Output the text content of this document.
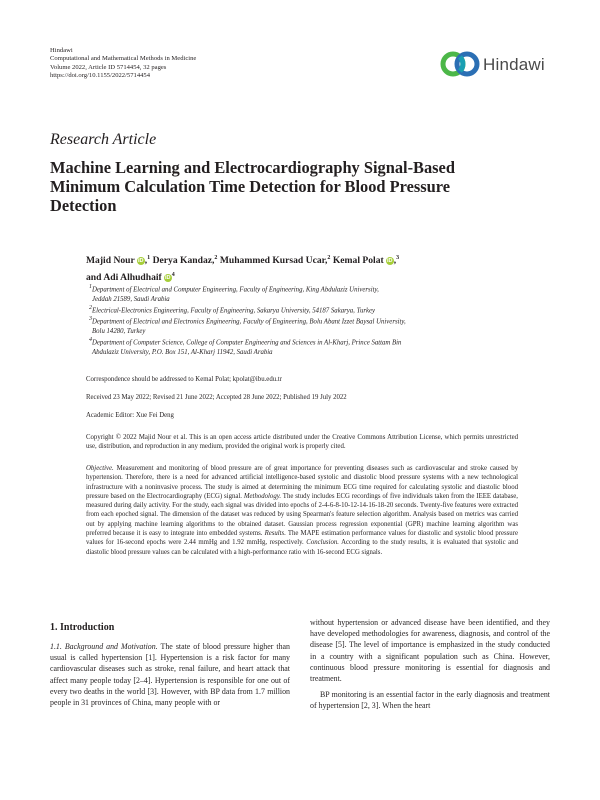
Hindawi
Computational and Mathematical Methods in Medicine
Volume 2022, Article ID 5714454, 32 pages
https://doi.org/10.1155/2022/5714454
Hindawi
Research Article
Machine Learning and Electrocardiography Signal-Based Minimum Calculation Time Detection for Blood Pressure Detection
Majid Nour iD,$^1$ Derya Kandaz,$^2$ Muhammed Kursad Ucar,$^2$ Kemal Polat iD,$^3$
and Adi Alhudhaif $iD^4$
$^1$Department of Electrical and Computer Engineering, Faculty of Engineering, King Abdulaziz University,
Jeddah 21589, Saudi Arabia
$^2$Electrical-Electronics Engineering, Faculty of Engineering, Sakarya University, 54187 Sakarya, Turkey
$^3$Department of Electrical and Electronics Engineering, Faculty of Engineering, Bolu Abant Izzet Baysal University,
Bolu 14280, Turkey
$^4$Department of Computer Science, College of Computer Engineering and Sciences in Al-Kharj, Prince Sattam Bin
Abdulaziz University, P.O. Box 151, Al-Kharj 11942, Saudi Arabia
Correspondence should be addressed to Kemal Polat; kpolat@ibu.edu.tr
Received 23 May 2022; Revised 21 June 2022; Accepted 28 June 2022; Published 19 July 2022
Academic Editor: Xue Fei Deng
Copyright © 2022 Majid Nour et al. This is an open access article distributed under the Creative Commons Attribution License, which permits unrestricted use, distribution, and reproduction in any medium, provided the original work is properly cited.
Objective. Measurement and monitoring of blood pressure are of great importance for preventing diseases such as cardiovascular and stroke caused by hypertension. Therefore, there is a need for advanced artificial intelligence-based systolic and diastolic blood pressure systems with a new technological infrastructure with a noninvasive process. The study is aimed at determining the minimum ECG time required for calculating systolic and diastolic blood pressure based on the Electrocardiography (ECG) signal. Methodology. The study includes ECG recordings of five individuals taken from the IEEE database, measured during daily activity. For the study, each signal was divided into epochs of 2-4-6-8-10-12-14-16-18-20 seconds. Twenty-five features were extracted from each epoched signal. The dimension of the dataset was reduced by using Spearman's feature selection algorithm. Analysis based on metrics was carried out by applying machine learning algorithms to the obtained dataset. Gaussian process regression exponential (GPR) machine learning algorithm was preferred because it is easy to integrate into embedded systems. Results. The MAPE estimation performance values for diastolic and systolic blood pressure values for 16-second epochs were 2.44 mmHg and 1.92 mmHg, respectively. Conclusion. According to the study results, it is evaluated that systolic and diastolic blood pressure values can be calculated with a high-performance ratio with 16-second ECG signals.
1. Introduction

1.1. Background and Motivation. The state of blood pressure higher than usual is called hypertension [1]. Hypertension is a risk factor for many cardiovascular diseases such as stroke, renal failure, and heart attack that affect many people today [2–4]. Hypertension is responsible for one out of every two deaths in the world [3]. However, with BP data from 1.7 million people in 31 provinces of China, many people with or

without hypertension or advanced disease have been identified, and they have developed methodologies for awareness, diagnosis, and control of the disease [5]. The level of importance is emphasized in the study conducted in a country with a significant population such as China. However, continuous blood pressure monitoring is essential for diagnosis and treatment.

BP monitoring is an essential factor in the early diagnosis and treatment of hypertension [2, 3]. When the heart
